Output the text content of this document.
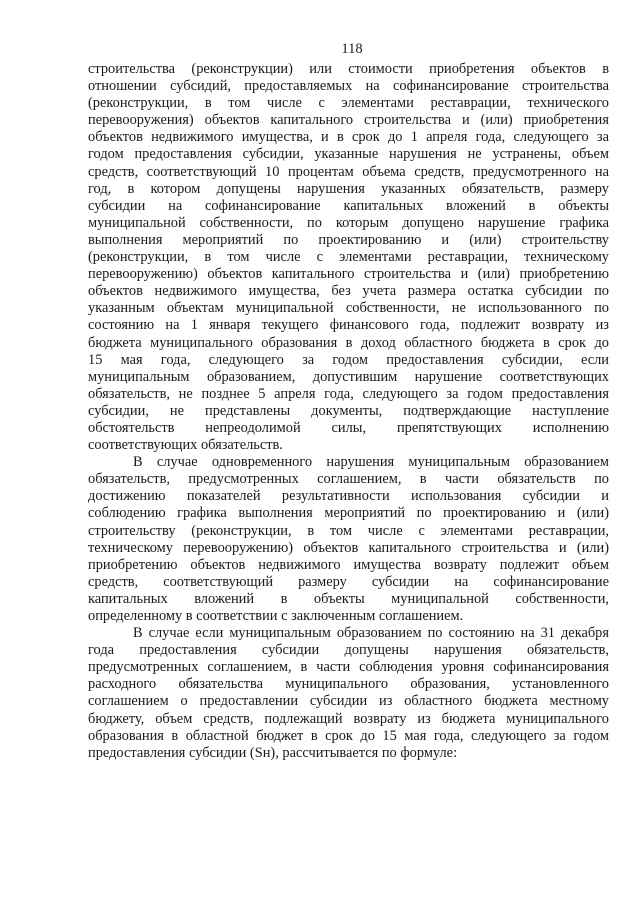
118
строительства (реконструкции) или стоимости приобретения объектов в
отношении субсидий, предоставляемых на софинансирование строительства
(реконструкции, в том числе с элементами реставрации, технического
перевооружения) объектов капитального строительства и (или) приобретения
объектов недвижимого имущества, и в срок до 1 апреля года, следующего за
годом предоставления субсидии, указанные нарушения не устранены, объем
средств, соответствующий 10 процентам объема средств, предусмотренного на
год, в котором допущены нарушения указанных обязательств, размеру
субсидии на софинансирование капитальных вложений в объекты
муниципальной собственности, по которым допущено нарушение графика
выполнения мероприятий по проектированию и (или) строительству
(реконструкции, в том числе с элементами реставрации, техническому
перевооружению) объектов капитального строительства и (или) приобретению
объектов недвижимого имущества, без учета размера остатка субсидии по
указанным объектам муниципальной собственности, не использованного по
состоянию на 1 января текущего финансового года, подлежит возврату из
бюджета муниципального образования в доход областного бюджета в срок до
15 мая года, следующего за годом предоставления субсидии, если
муниципальным образованием, допустившим нарушение соответствующих
обязательств, не позднее 5 апреля года, следующего за годом предоставления
субсидии, не представлены документы, подтверждающие наступление
обстоятельств непреодолимой силы, препятствующих исполнению
соответствующих обязательств.
В случае одновременного нарушения муниципальным образованием
обязательств, предусмотренных соглашением, в части обязательств по
достижению показателей результативности использования субсидии и
соблюдению графика выполнения мероприятий по проектированию и (или)
строительству (реконструкции, в том числе с элементами реставрации,
техническому перевооружению) объектов капитального строительства и (или)
приобретению объектов недвижимого имущества возврату подлежит объем
средств, соответствующий размеру субсидии на софинансирование
капитальных вложений в объекты муниципальной собственности,
определенному в соответствии с заключенным соглашением.
В случае если муниципальным образованием по состоянию на 31 декабря
года предоставления субсидии допущены нарушения обязательств,
предусмотренных соглашением, в части соблюдения уровня софинансирования
расходного обязательства муниципального образования, установленного
соглашением о предоставлении субсидии из областного бюджета местному
бюджету, объем средств, подлежащий возврату из бюджета муниципального
образования в областной бюджет в срок до 15 мая года, следующего за годом
предоставления субсидии (Sн), рассчитывается по формуле:
